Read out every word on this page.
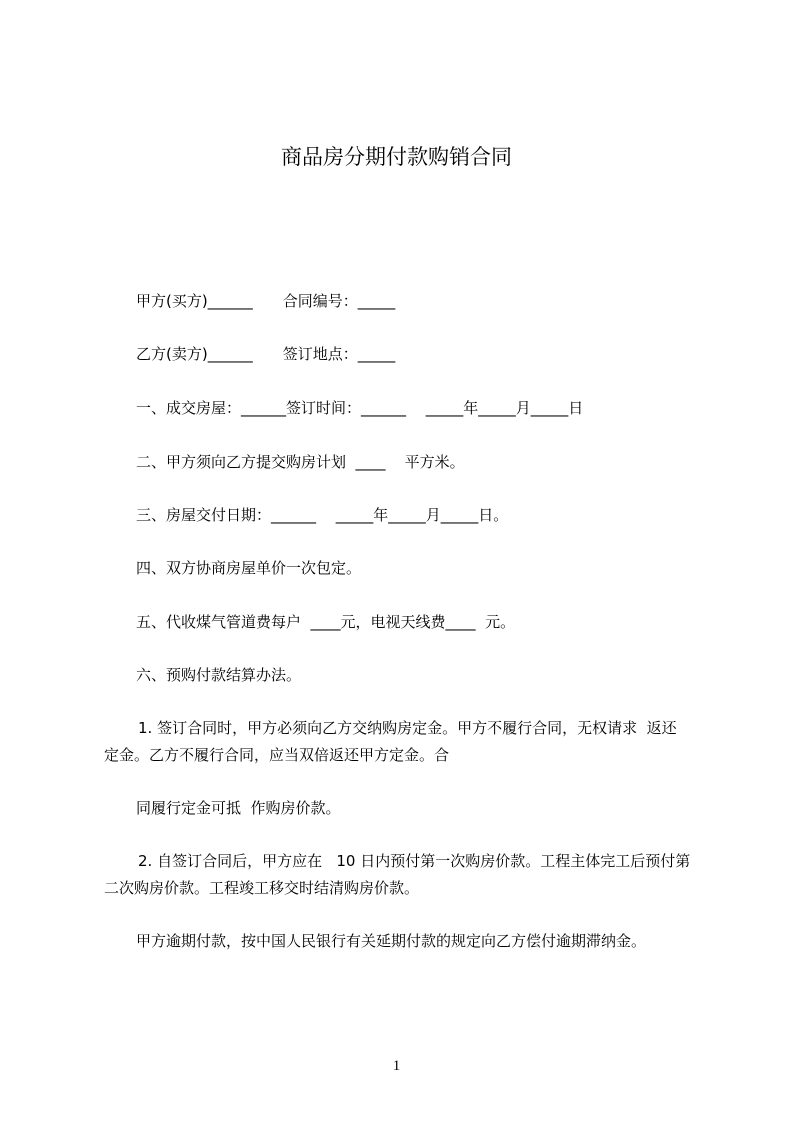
商品房分期付款购销合同
甲方(买方)______　　合同编号：_____
乙方(卖方)______　　签订地点：_____
一、成交房屋：______签订时间：______　 _____年_____月_____日
二、甲方须向乙方提交购房计划  ____    平方米。
三、房屋交付日期：______　 _____年_____月_____日。
四、双方协商房屋单价一次包定。
五、代收煤气管道费每户  ____元，电视天线费____  元。
六、预购付款结算办法。
1. 签订合同时，甲方必须向乙方交纳购房定金。甲方不履行合同，无权请求  返还
定金。乙方不履行合同，应当双倍返还甲方定金。合
同履行定金可抵  作购房价款。
2. 自签订合同后，甲方应在   10 日内预付第一次购房价款。工程主体完工后预付第
二次购房价款。工程竣工移交时结清购房价款。
甲方逾期付款，按中国人民银行有关延期付款的规定向乙方偿付逾期滞纳金。
1
